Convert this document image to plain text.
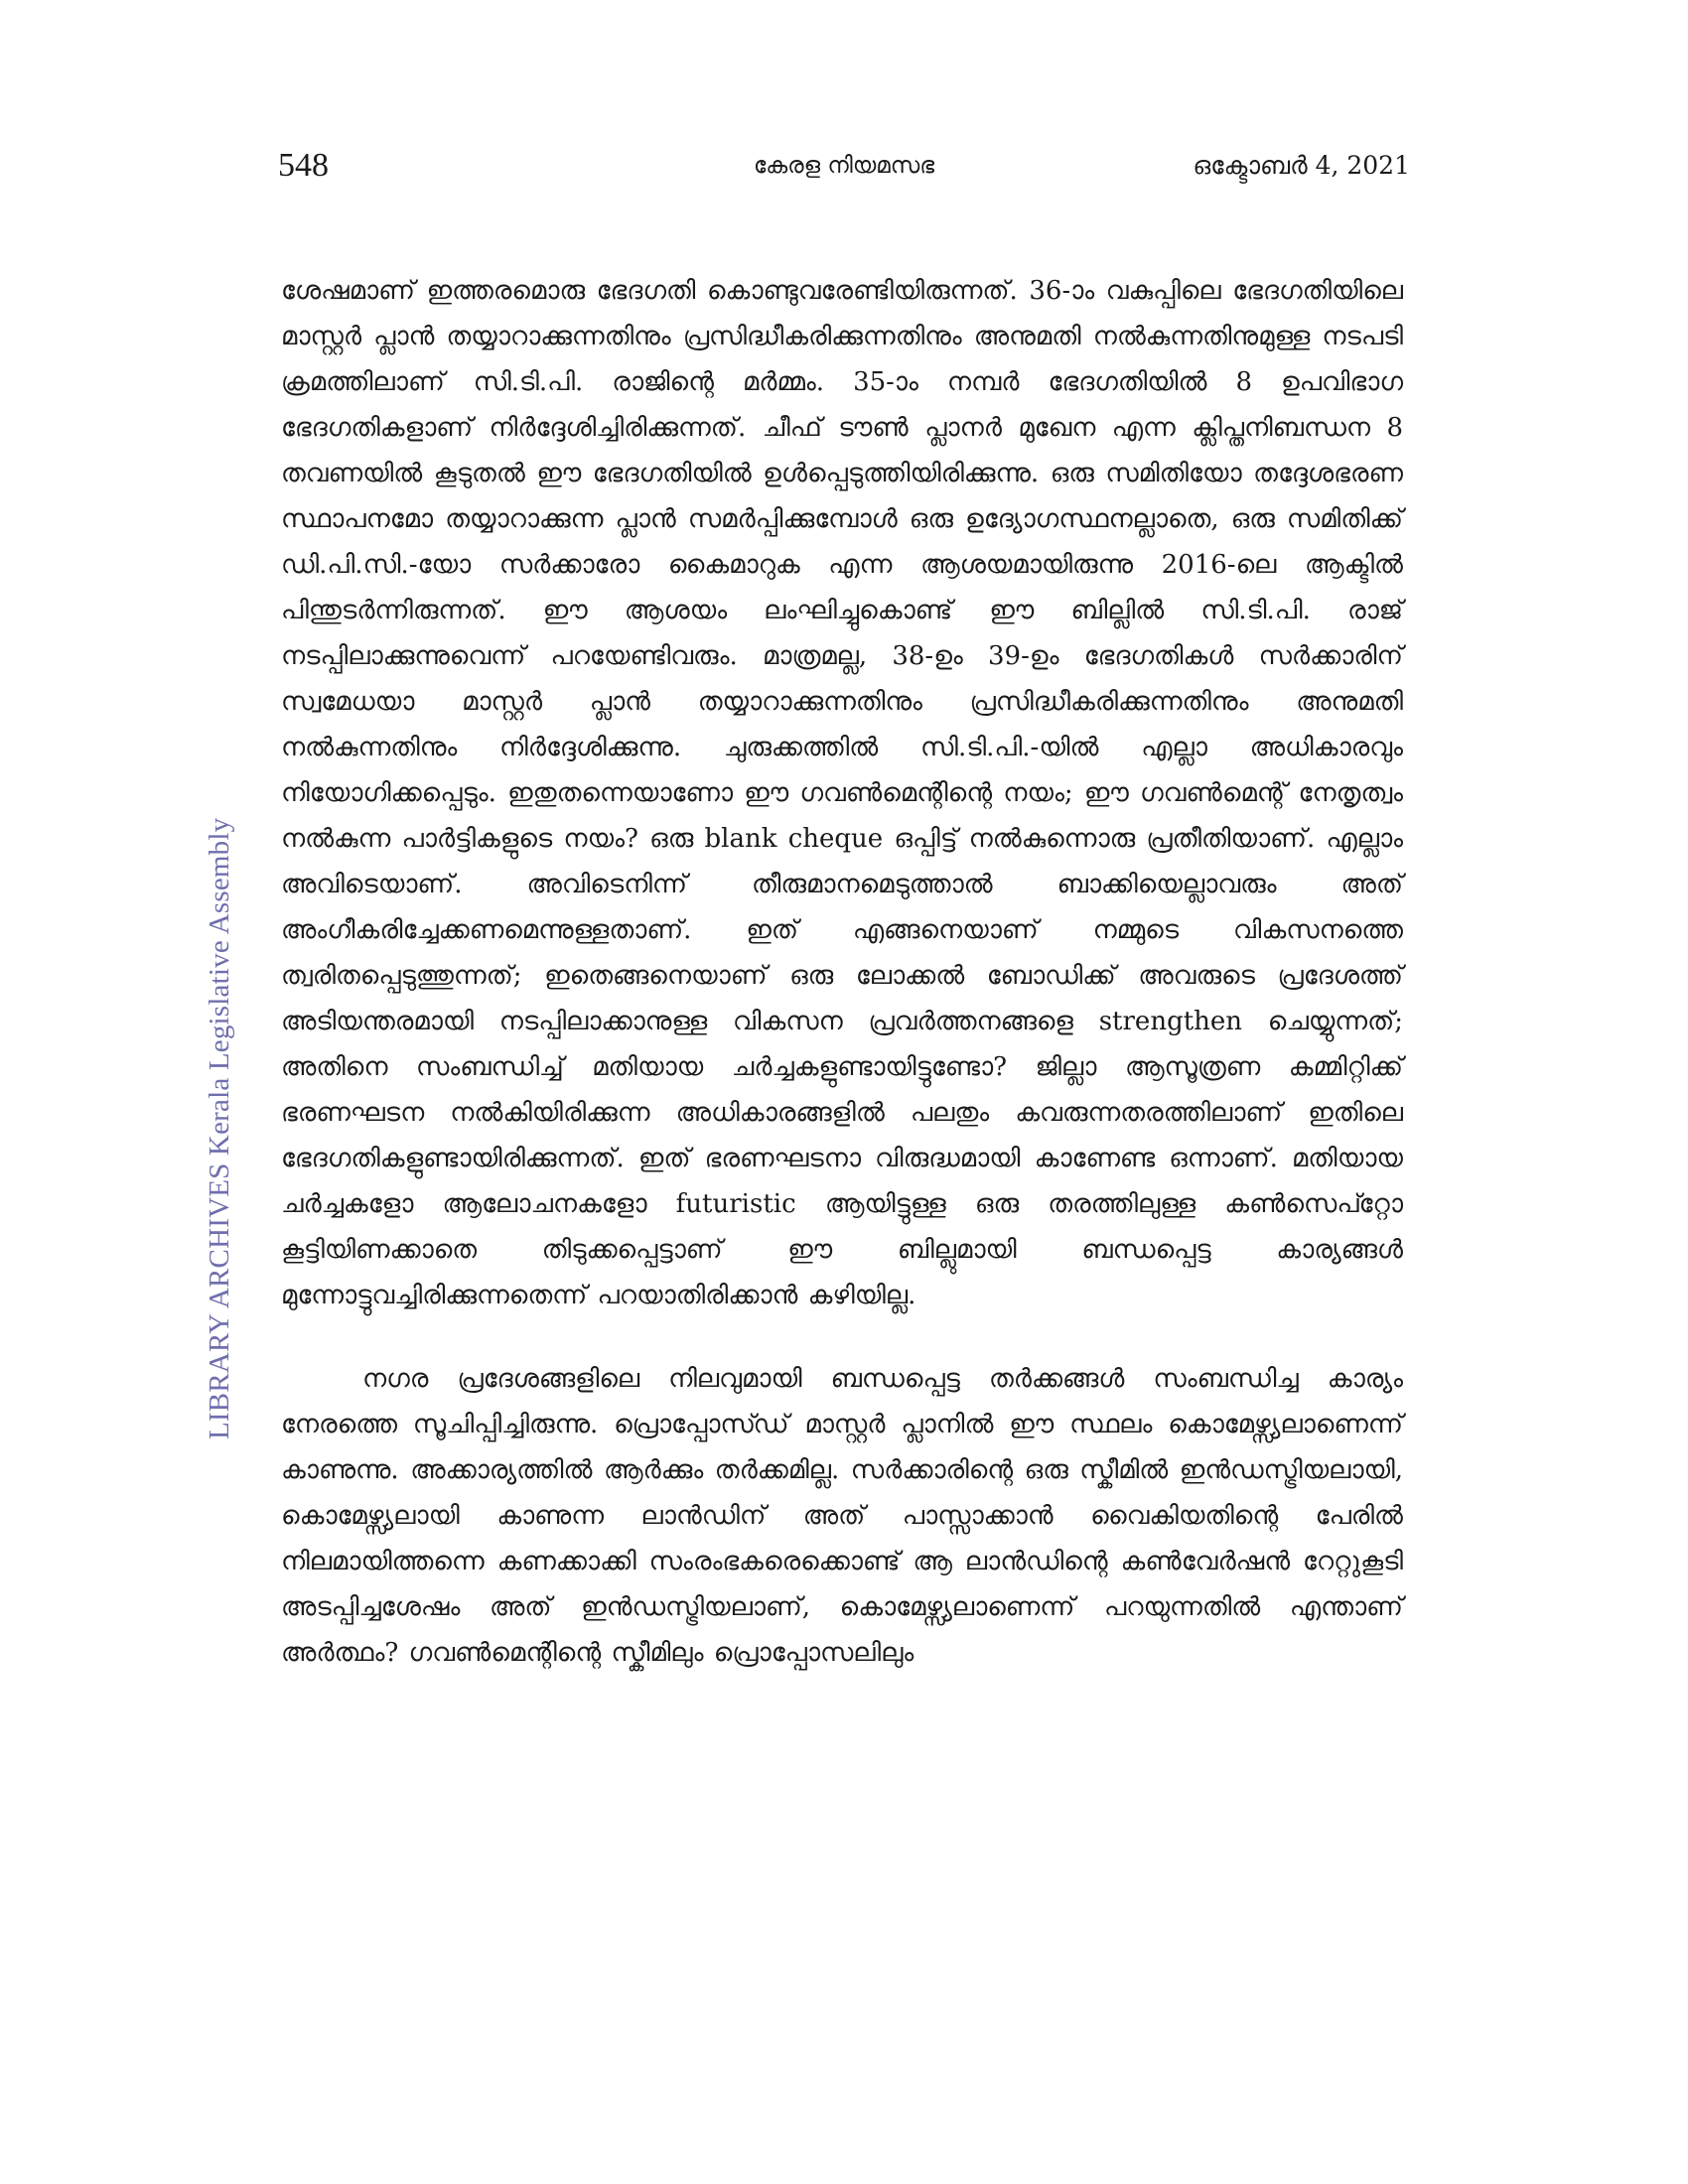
548	കേരള നിയമസഭ	ഒക്ടോബർ 4, 2021
LIBRARY ARCHIVES Kerala Legislative Assembly

ശേഷമാണ് ഇത്തരമൊരു ഭേദഗതി കൊണ്ടുവരേണ്ടിയിരുന്നത്. 36-ാം വകുപ്പിലെ ഭേദഗതിയിലെ മാസ്റ്റർ പ്ലാൻ തയ്യാറാക്കുന്നതിനും പ്രസിദ്ധീകരിക്കുന്നതിനും അനുമതി നൽകുന്നതിനുമുള്ള നടപടി ക്രമത്തിലാണ് സി.ടി.പി. രാജിന്റെ മർമ്മം. 35-ാം നമ്പർ ഭേദഗതിയിൽ 8 ഉപവിഭാഗ ഭേദഗതികളാണ് നിർദ്ദേശിച്ചിരിക്കുന്നത്. ചീഫ് ടൗൺ പ്ലാനർ മുഖേന എന്ന ക്ലിപ്തനിബന്ധന 8 തവണയിൽ കൂടുതൽ ഈ ഭേദഗതിയിൽ ഉൾപ്പെടുത്തിയിരിക്കുന്നു. ഒരു സമിതിയോ തദ്ദേശഭരണ സ്ഥാപനമോ തയ്യാറാക്കുന്ന പ്ലാൻ സമർപ്പിക്കുമ്പോൾ ഒരു ഉദ്യോഗസ്ഥനല്ലാതെ, ഒരു സമിതിക്ക് ഡി.പി.സി.-യോ സർക്കാരോ കൈമാറുക എന്ന ആശയമായിരുന്നു 2016-ലെ ആക്ടിൽ പിന്തുടർന്നിരുന്നത്. ഈ ആശയം ലംഘിച്ചുകൊണ്ട് ഈ ബില്ലിൽ സി.ടി.പി. രാജ് നടപ്പിലാക്കുന്നുവെന്ന് പറയേണ്ടിവരും. മാത്രമല്ല, 38-ഉം 39-ഉം ഭേദഗതികൾ സർക്കാരിന് സ്വമേധയാ മാസ്റ്റർ പ്ലാൻ തയ്യാറാക്കുന്നതിനും പ്രസിദ്ധീകരിക്കുന്നതിനും അനുമതി നൽകുന്നതിനും നിർദ്ദേശിക്കുന്നു. ചുരുക്കത്തിൽ സി.ടി.പി.-യിൽ എല്ലാ അധികാരവും നിയോഗിക്കപ്പെടും. ഇതുതന്നെയാണോ ഈ ഗവൺമെന്റിന്റെ നയം; ഈ ഗവൺമെന്റ് നേതൃത്വം നൽകുന്ന പാർട്ടികളുടെ നയം? ഒരു blank cheque ഒപ്പിട്ട് നൽകുന്നൊരു പ്രതീതിയാണ്. എല്ലാം അവിടെയാണ്. അവിടെനിന്ന് തീരുമാനമെടുത്താൽ ബാക്കിയെല്ലാവരും അത് അംഗീകരിച്ചേക്കണമെന്നുള്ളതാണ്. ഇത് എങ്ങനെയാണ് നമ്മുടെ വികസനത്തെ ത്വരിതപ്പെടുത്തുന്നത്; ഇതെങ്ങനെയാണ് ഒരു ലോക്കൽ ബോഡിക്ക് അവരുടെ പ്രദേശത്ത് അടിയന്തരമായി നടപ്പിലാക്കാനുള്ള വികസന പ്രവർത്തനങ്ങളെ strengthen ചെയ്യുന്നത്; അതിനെ സംബന്ധിച്ച് മതിയായ ചർച്ചകളുണ്ടായിട്ടുണ്ടോ? ജില്ലാ ആസൂത്രണ കമ്മിറ്റിക്ക് ഭരണഘടന നൽകിയിരിക്കുന്ന അധികാരങ്ങളിൽ പലതും കവരുന്നതരത്തിലാണ് ഇതിലെ ഭേദഗതികളുണ്ടായിരിക്കുന്നത്. ഇത് ഭരണഘടനാ വിരുദ്ധമായി കാണേണ്ട ഒന്നാണ്. മതിയായ ചർച്ചകളോ ആലോചനകളോ futuristic ആയിട്ടുള്ള ഒരു തരത്തിലുള്ള കൺസെപ്റ്റോ കൂട്ടിയിണക്കാതെ തിടുക്കപ്പെട്ടാണ് ഈ ബില്ലുമായി ബന്ധപ്പെട്ട കാര്യങ്ങൾ മുന്നോട്ടുവച്ചിരിക്കുന്നതെന്ന് പറയാതിരിക്കാൻ കഴിയില്ല.

നഗര പ്രദേശങ്ങളിലെ നിലവുമായി ബന്ധപ്പെട്ട തർക്കങ്ങൾ സംബന്ധിച്ച കാര്യം നേരത്തെ സൂചിപ്പിച്ചിരുന്നു. പ്രൊപ്പോസ്ഡ് മാസ്റ്റർ പ്ലാനിൽ ഈ സ്ഥലം കൊമേഴ്സ്യലാണെന്ന് കാണുന്നു. അക്കാര്യത്തിൽ ആർക്കും തർക്കമില്ല. സർക്കാരിന്റെ ഒരു സ്കീമിൽ ഇൻഡസ്ട്രിയലായി, കൊമേഴ്സ്യലായി കാണുന്ന ലാൻഡിന് അത് പാസ്സാക്കാൻ വൈകിയതിന്റെ പേരിൽ നിലമായിത്തന്നെ കണക്കാക്കി സംരംഭകരെക്കൊണ്ട് ആ ലാൻഡിന്റെ കൺവേർഷൻ റേറ്റുകൂടി അടപ്പിച്ചശേഷം അത് ഇൻഡസ്ട്രിയലാണ്, കൊമേഴ്സ്യലാണെന്ന് പറയുന്നതിൽ എന്താണ് അർത്ഥം? ഗവൺമെന്റിന്റെ സ്കീമിലും പ്രൊപ്പോസലിലും
